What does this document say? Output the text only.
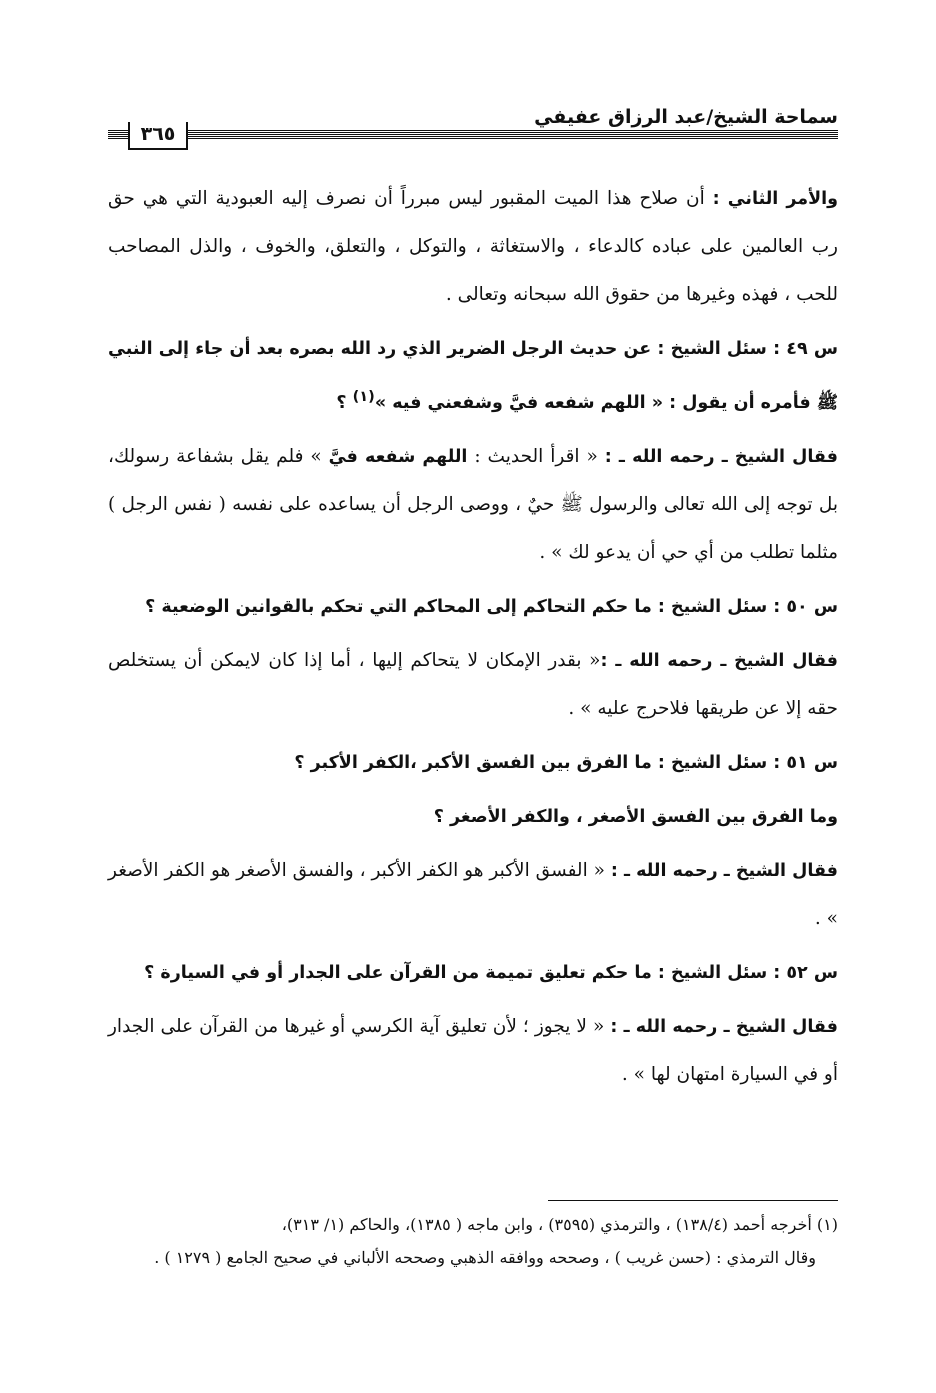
سماحة الشيخ/عبد الرزاق عفيفي
٣٦٥

والأمر الثاني : أن صلاح هذا الميت المقبور ليس مبرراً أن نصرف إليه العبودية التي هي حق رب العالمين على عباده كالدعاء ، والاستغاثة ، والتوكل ، والتعلق، والخوف ، والذل المصاحب للحب ، فهذه وغيرها من حقوق الله سبحانه وتعالى .

س ٤٩ : سئل الشيخ : عن حديث الرجل الضرير الذي رد الله بصره بعد أن جاء إلى النبي ﷺ فأمره أن يقول : « اللهم شفعه فيَّ وشفعني فيه »$^{(١)}$ ؟

فقال الشيخ ـ رحمه الله ـ : « اقرأ الحديث : اللهم شفعه فيَّ » فلم يقل بشفاعة رسولك، بل توجه إلى الله تعالى والرسول ﷺ حيٌ ، ووصى الرجل أن يساعده على نفسه ( نفس الرجل ) مثلما تطلب من أي حي أن يدعو لك » .

س ٥٠ : سئل الشيخ : ما حكم التحاكم إلى المحاكم التي تحكم بالقوانين الوضعية ؟

فقال الشيخ ـ رحمه الله ـ :« بقدر الإمكان لا يتحاكم إليها ، أما إذا كان لايمكن أن يستخلص حقه إلا عن طريقها فلاحرج عليه » .

س ٥١ : سئل الشيخ : ما الفرق بين الفسق الأكبر ،الكفر الأكبر ؟

وما الفرق بين الفسق الأصغر ، والكفر الأصغر ؟

فقال الشيخ ـ رحمه الله ـ : « الفسق الأكبر هو الكفر الأكبر ، والفسق الأصغر هو الكفر الأصغر » .

س ٥٢ : سئل الشيخ : ما حكم تعليق تميمة من القرآن على الجدار أو في السيارة ؟

فقال الشيخ ـ رحمه الله ـ : « لا يجوز ؛ لأن تعليق آية الكرسي أو غيرها من القرآن على الجدار أو في السيارة امتهان لها » .

(١) أخرجه أحمد (١٣٨/٤) ، والترمذي (٣٥٩٥) ، وابن ماجه ( ١٣٨٥)، والحاكم (١/ ٣١٣)،

وقال الترمذي : (حسن غريب ) ، وصححه ووافقه الذهبي وصححه الألباني في صحيح الجامع ( ١٢٧٩ ) .
